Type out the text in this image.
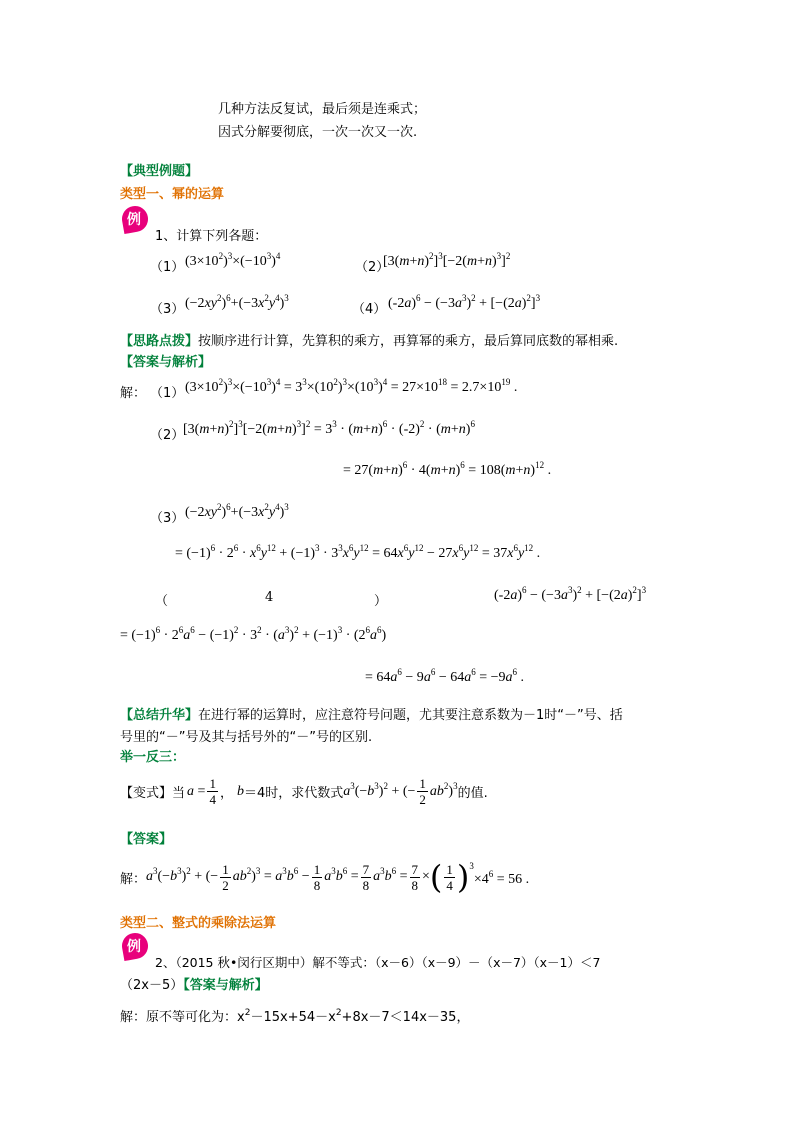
几种方法反复试，最后须是连乘式；
因式分解要彻底，一次一次又一次.
【典型例题】
类型一、幂的运算
例
1、计算下列各题：
（1） $(3\times 10^2)^3\times(-10^3)^4$
（2）
$[3(m+n)^2]^3[-2(m+n)^3]^2$
（3） $(-2xy^2)^6+(-3x^2y^4)^3$
（4） $(-2a)^6 - (-3a^3)^2 + [-(2a)^2]^3$
【思路点拨】按顺序进行计算，先算积的乘方，再算幂的乘方，最后算同底数的幂相乘.
【答案与解析】
解： （1） $(3\times 10^2)^3\times(-10^3)^4 = 3^3\times(10^2)^3\times(10^3)^4 = 27\times 10^{18} = 2.7\times 10^{19}$ .
（2）
$[3(m+n)^2]^3[-2(m+n)^3]^2 = 3^3 \cdot (m+n)^6 \cdot (-2)^2 \cdot (m+n)^6$
= $27(m+n)^6 \cdot 4(m+n)^6 = 108(m+n)^{12}$ .
（3） $(-2xy^2)^6+(-3x^2y^4)^3$
= $(-1)^6 \cdot 2^6 \cdot x^6y^{12} + (-1)^3 \cdot 3^3x^6y^{12} = 64x^6y^{12} - 27x^6y^{12} = 37x^6y^{12}$ .
（	4	）	$(-2a)^6 - (-3a^3)^2 + [-(2a)^2]^3$
= $(-1)^6 \cdot 2^6a^6 - (-1)^2 \cdot 3^2 \cdot (a^3)^2 + (-1)^3 \cdot (2^6a^6)$
= $64a^6 - 9a^6 - 64a^6 = -9a^6$ .
【总结升华】在进行幂的运算时，应注意符号问题，尤其要注意系数为－1时“－”号、括
号里的“－”号及其与括号外的“－”号的区别.
举一反三：
【变式】 当 $a = \frac{1}{4}$ ， b ＝4时，求代数式 $a^3(-b^3)^2$ + (− $\frac{1}{2} ab^2)^3$
的值.
【答案】
解： $a^3(-b^3)^2$ + (− $\frac{1}{2} ab^2)^3 = a^3b^6 - \frac{1}{8} a^3b^6 = \frac{7}{8} a^3b^6 = \frac{7}{8}$ × ( $\frac{1}{4}$ ) $^3\times 4^6 = 56$ .
类型二、整式的乘除法运算
例
2、（2015 秋•闵行区期中）解不等式：（x－6）（x－9）－（x－7）（x－1）＜7
（2x－5）【答案与解析】
解：原不等可化为：$x^2-15x+54-x^2+8x-7<14x-35$，
